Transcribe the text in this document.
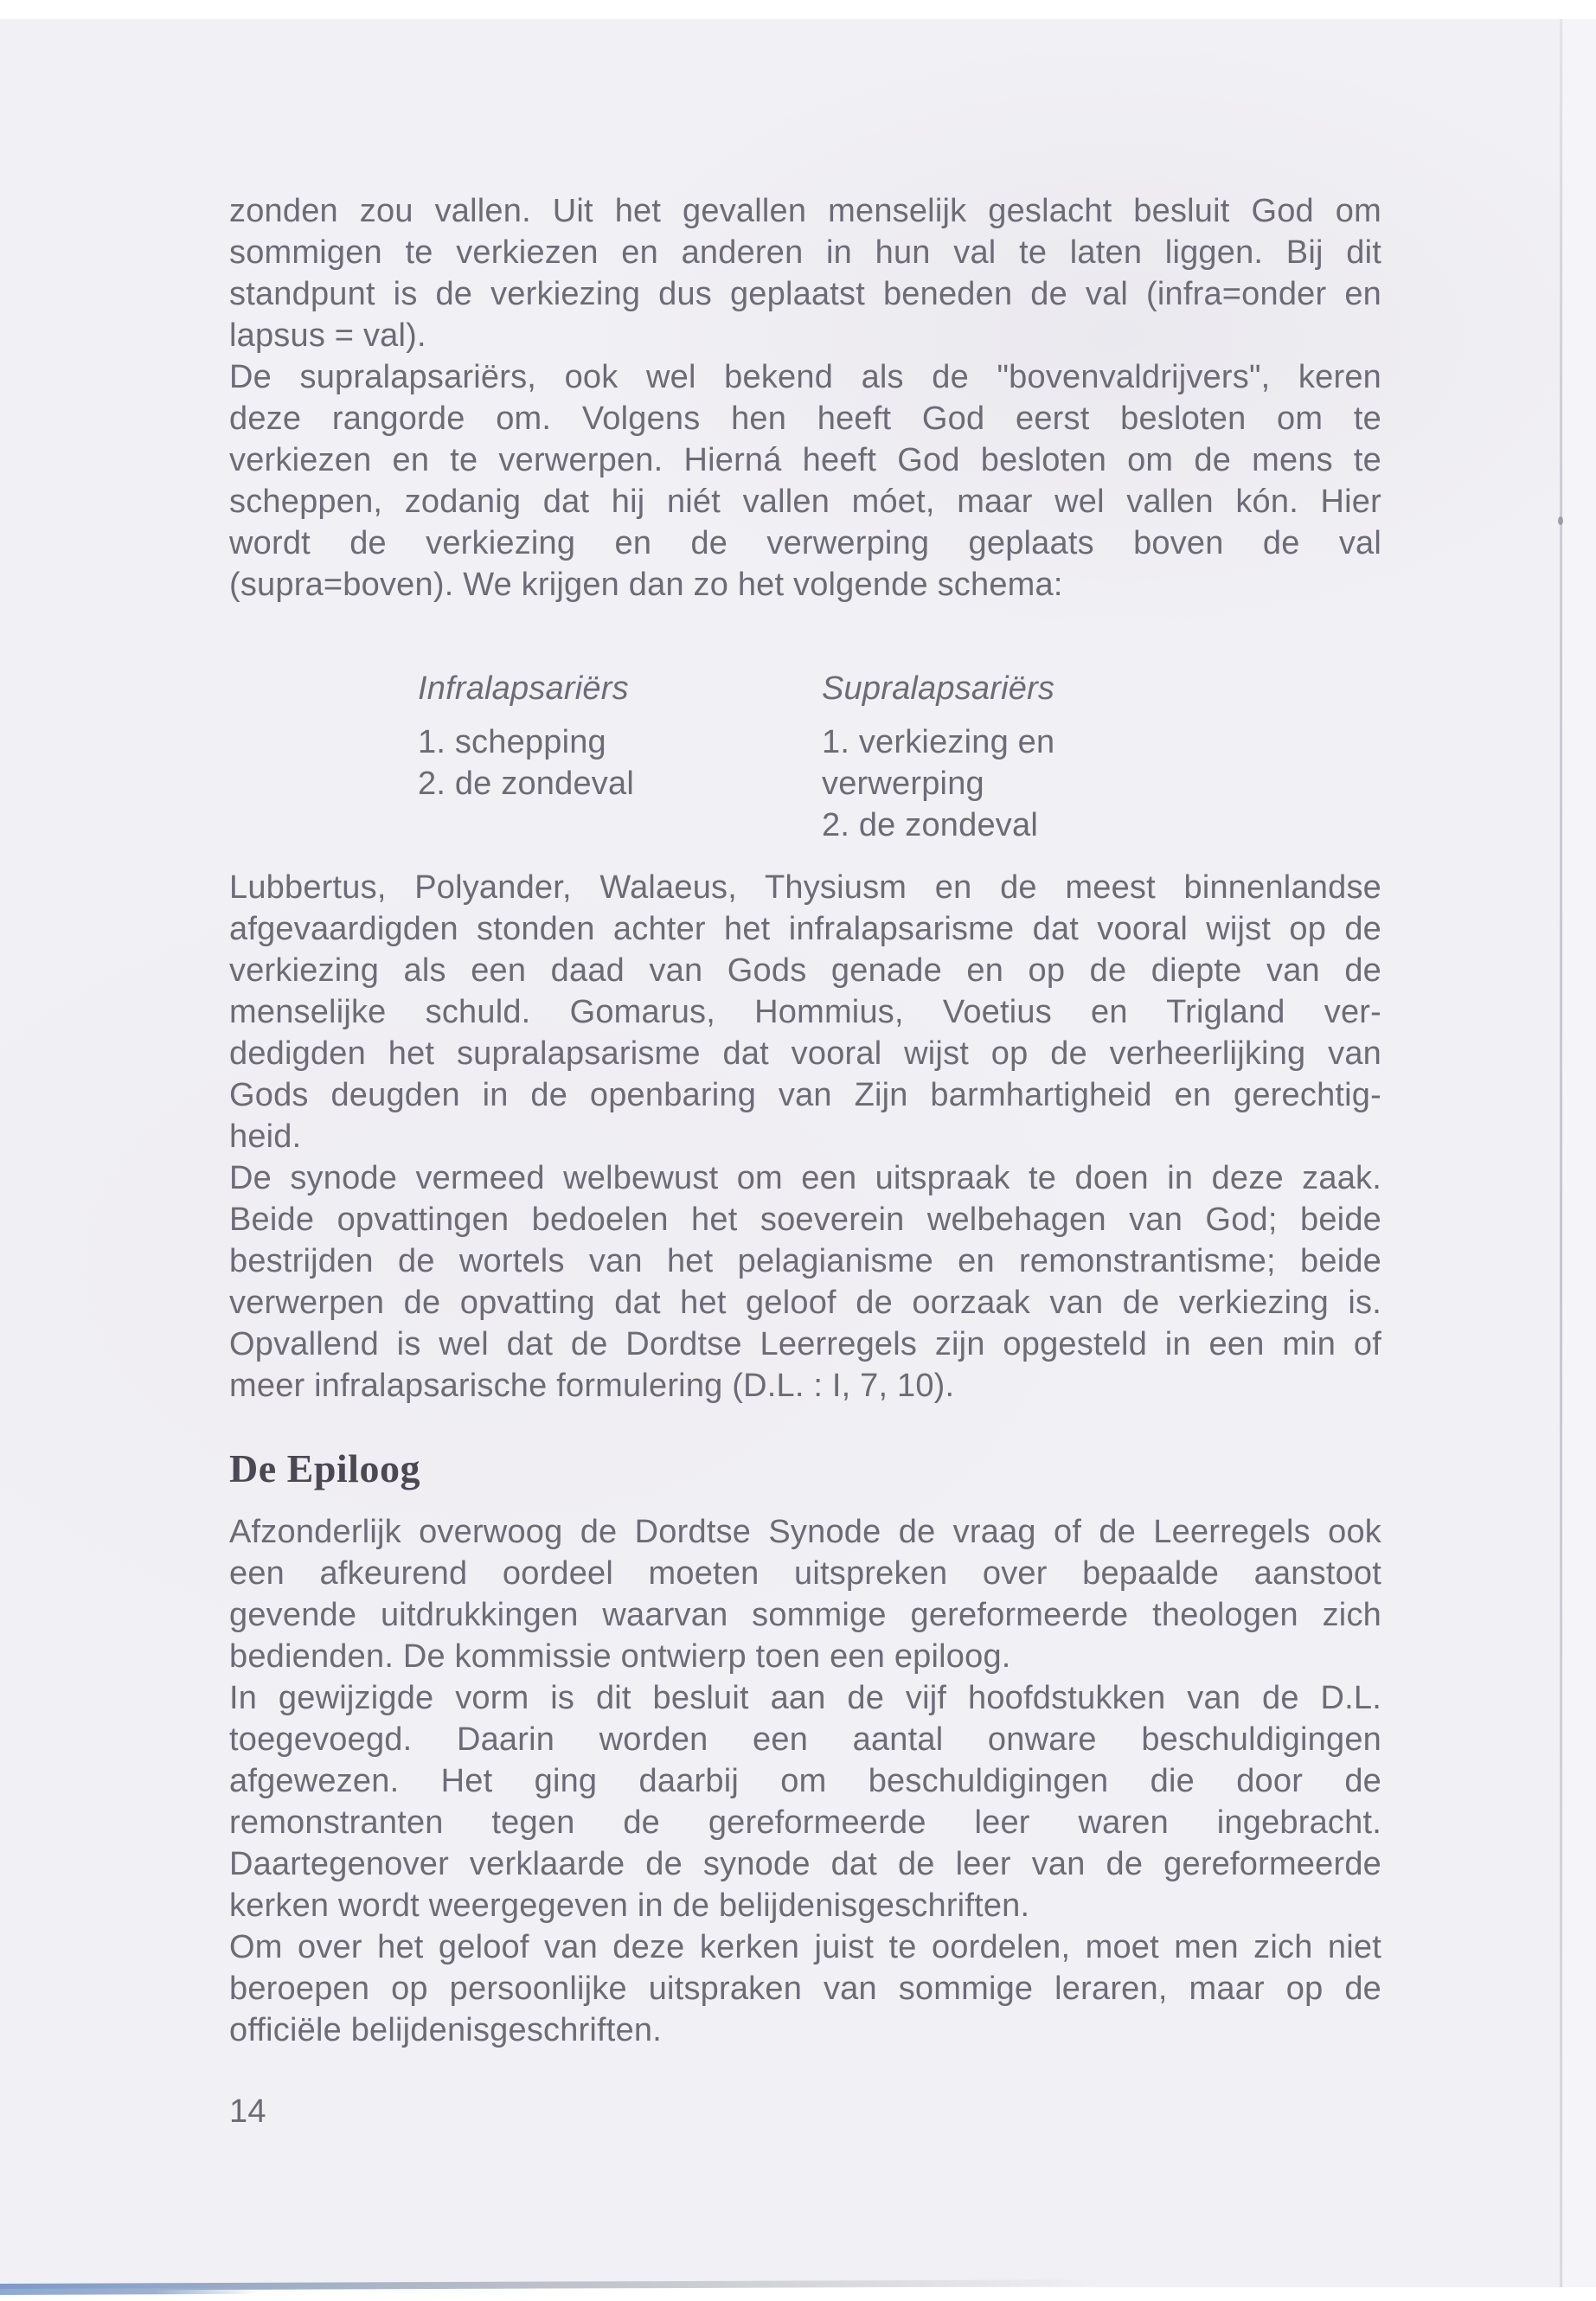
zonden zou vallen. Uit het gevallen menselijk geslacht besluit God om
sommigen te verkiezen en anderen in hun val te laten liggen. Bij dit
standpunt is de verkiezing dus geplaatst beneden de val (infra=onder en
lapsus = val).
De supralapsariërs, ook wel bekend als de "bovenvaldrijvers", keren
deze rangorde om. Volgens hen heeft God eerst besloten om te
verkiezen en te verwerpen. Hierná heeft God besloten om de mens te
scheppen, zodanig dat hij niét vallen móet, maar wel vallen kón. Hier
wordt de verkiezing en de verwerping geplaats boven de val
(supra=boven). We krijgen dan zo het volgende schema:
Infralapsariërs
1. schepping
2. de zondeval
Supralapsariërs
1. verkiezing en verwerping
2. de zondeval
Lubbertus, Polyander, Walaeus, Thysiusm en de meest binnenlandse
afgevaardigden stonden achter het infralapsarisme dat vooral wijst op de
verkiezing als een daad van Gods genade en op de diepte van de
menselijke schuld. Gomarus, Hommius, Voetius en Trigland ver-
dedigden het supralapsarisme dat vooral wijst op de verheerlijking van
Gods deugden in de openbaring van Zijn barmhartigheid en gerechtig-
heid.
De synode vermeed welbewust om een uitspraak te doen in deze zaak.
Beide opvattingen bedoelen het soeverein welbehagen van God; beide
bestrijden de wortels van het pelagianisme en remonstrantisme; beide
verwerpen de opvatting dat het geloof de oorzaak van de verkiezing is.
Opvallend is wel dat de Dordtse Leerregels zijn opgesteld in een min of
meer infralapsarische formulering (D.L. : I, 7, 10).
De Epiloog
Afzonderlijk overwoog de Dordtse Synode de vraag of de Leerregels ook
een afkeurend oordeel moeten uitspreken over bepaalde aanstoot
gevende uitdrukkingen waarvan sommige gereformeerde theologen zich
bedienden. De kommissie ontwierp toen een epiloog.
In gewijzigde vorm is dit besluit aan de vijf hoofdstukken van de D.L.
toegevoegd. Daarin worden een aantal onware beschuldigingen
afgewezen. Het ging daarbij om beschuldigingen die door de
remonstranten tegen de gereformeerde leer waren ingebracht.
Daartegenover verklaarde de synode dat de leer van de gereformeerde
kerken wordt weergegeven in de belijdenisgeschriften.
Om over het geloof van deze kerken juist te oordelen, moet men zich niet
beroepen op persoonlijke uitspraken van sommige leraren, maar op de
officiële belijdenisgeschriften.
14
